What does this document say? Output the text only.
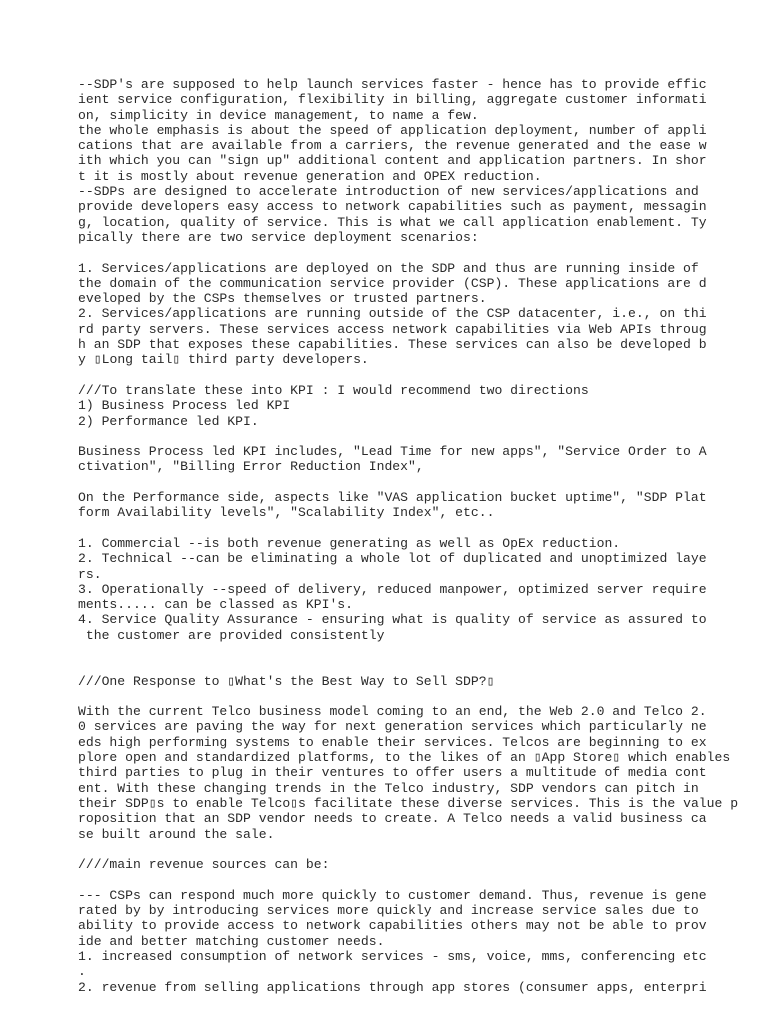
--SDP's are supposed to help launch services faster - hence has to provide effic
ient service configuration, flexibility in billing, aggregate customer informati
on, simplicity in device management, to name a few.
the whole emphasis is about the speed of application deployment, number of appli
cations that are available from a carriers, the revenue generated and the ease w
ith which you can "sign up" additional content and application partners. In shor
t it is mostly about revenue generation and OPEX reduction.
--SDPs are designed to accelerate introduction of new services/applications and
provide developers easy access to network capabilities such as payment, messagin
g, location, quality of service. This is what we call application enablement. Ty
pically there are two service deployment scenarios:
1. Services/applications are deployed on the SDP and thus are running inside of
the domain of the communication service provider (CSP). These applications are d
eveloped by the CSPs themselves or trusted partners.
2. Services/applications are running outside of the CSP datacenter, i.e., on thi
rd party servers. These services access network capabilities via Web APIs throug
h an SDP that exposes these capabilities. These services can also be developed b
y ▯Long tail▯ third party developers.
///To translate these into KPI : I would recommend two directions
1) Business Process led KPI
2) Performance led KPI.
Business Process led KPI includes, "Lead Time for new apps", "Service Order to A
ctivation", "Billing Error Reduction Index",
On the Performance side, aspects like "VAS application bucket uptime", "SDP Plat
form Availability levels", "Scalability Index", etc..
1. Commercial --is both revenue generating as well as OpEx reduction.
2. Technical --can be eliminating a whole lot of duplicated and unoptimized laye
rs.
3. Operationally --speed of delivery, reduced manpower, optimized server require
ments..... can be classed as KPI's.
4. Service Quality Assurance - ensuring what is quality of service as assured to
the customer are provided consistently
///One Response to ▯What's the Best Way to Sell SDP?▯
With the current Telco business model coming to an end, the Web 2.0 and Telco 2.
0 services are paving the way for next generation services which particularly ne
eds high performing systems to enable their services. Telcos are beginning to ex
plore open and standardized platforms, to the likes of an ▯App Store▯ which enables
third parties to plug in their ventures to offer users a multitude of media cont
ent. With these changing trends in the Telco industry, SDP vendors can pitch in
their SDP▯s to enable Telco▯s facilitate these diverse services. This is the value p
roposition that an SDP vendor needs to create. A Telco needs a valid business ca
se built around the sale.
////main revenue sources can be:
--- CSPs can respond much more quickly to customer demand. Thus, revenue is gene
rated by by introducing services more quickly and increase service sales due to
ability to provide access to network capabilities others may not be able to prov
ide and better matching customer needs.
1. increased consumption of network services - sms, voice, mms, conferencing etc
.
2. revenue from selling applications through app stores (consumer apps, enterpri
